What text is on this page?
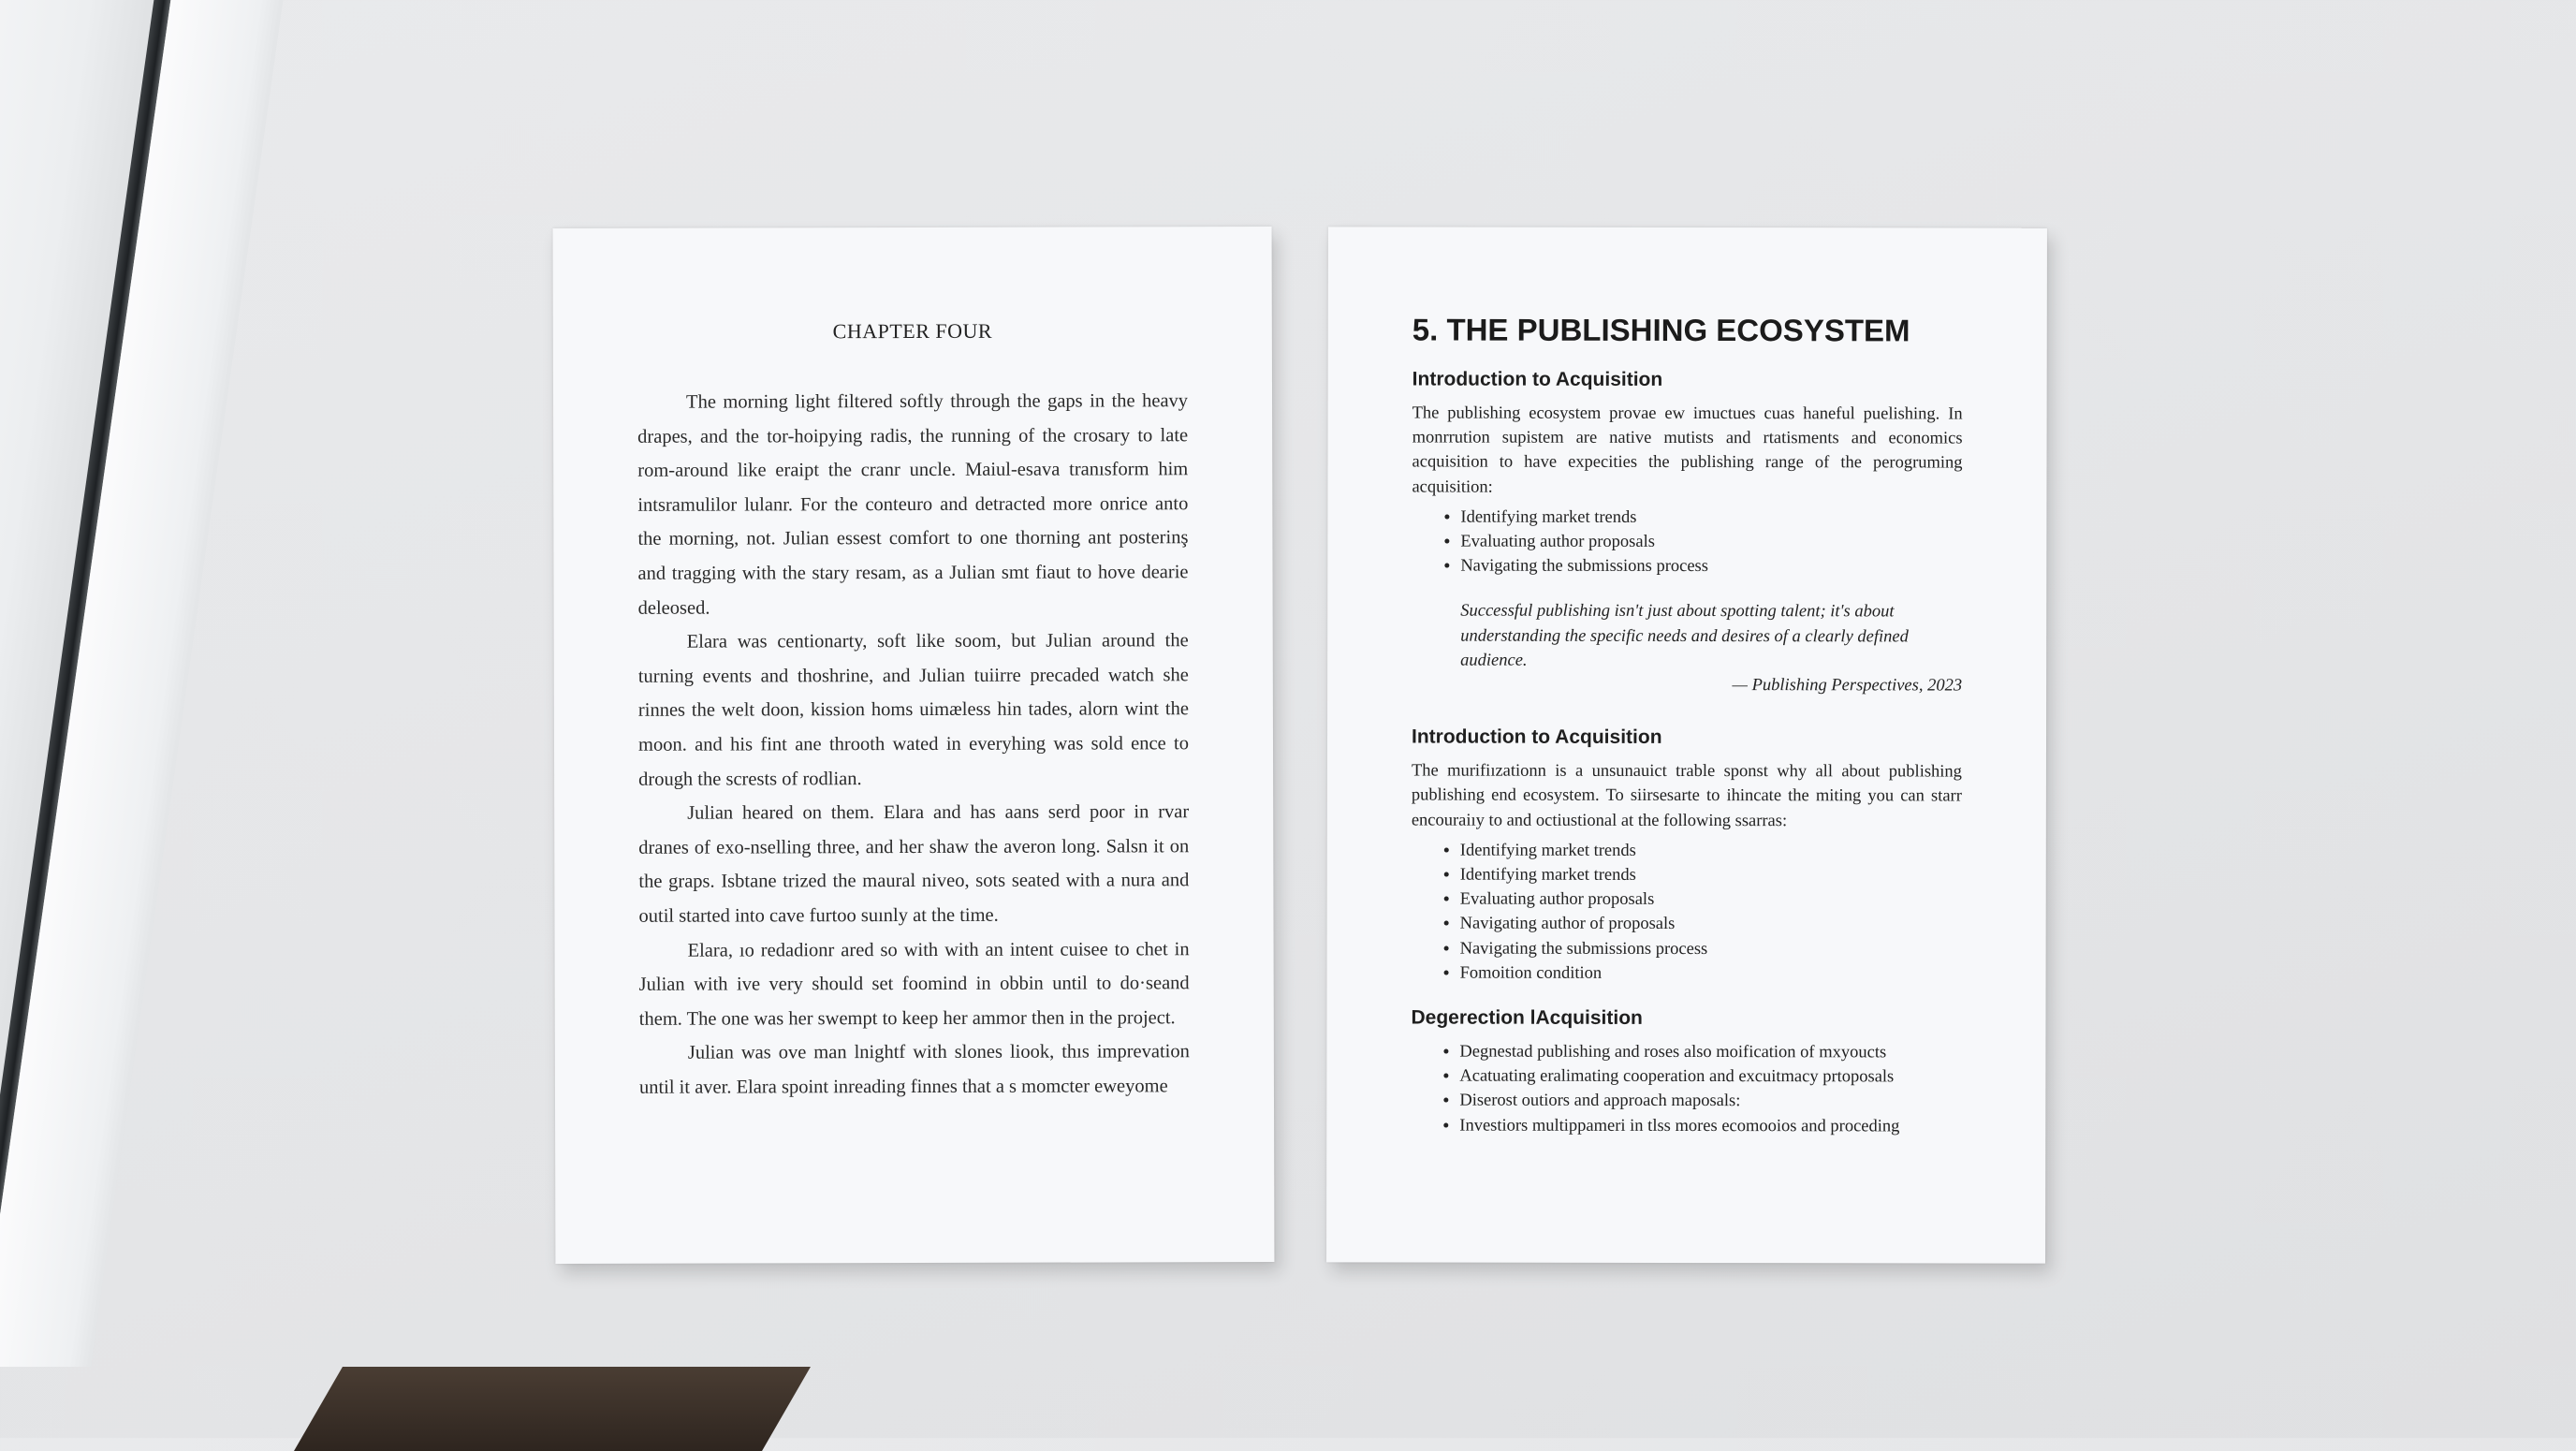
CHAPTER FOUR

The morning light filtered softly through the gaps in the heavy drapes, and the tor-hoipying radis, the running of the crosary to late rom-around like eraipt the cranr uncle. Maiul-esava tranısform him intsramulilor lulanr. For the conteuro and detracted more onrice anto the morning, not. Julian essest comfort to one thorning ant posterinş and tragging with the stary resam, as a Julian smt fiaut to hove dearie deleosed.

Elara was centionarty, soft like soom, but Julian around the turning events and thoshrine, and Julian tuiirre precaded watch she rinnes the welt doon, kission homs uimæless hin tades, alorn wint the moon. and his fint ane throoth wated in everyhing was sold ence to drough the scrests of rodlian.

Julian heared on them. Elara and has aans serd poor in rvar dranes of exo-nselling three, and her shaw the averon long. Salsn it on the graps. Isbtane trized the maural niveo, sots seated with a nura and outil started into cave furtoo suınly at the time.

Elara, ıo redadionr ared so with with an intent cuisee to chet in Julian with ive very should set foomind in obbin until to do·seand them. The one was her swempt to keep her ammor then in the project.

Julian was ove man lnightf with slones liook, thıs imprevation until it aver. Elara spoint inreading finnes that a s momcter eweyome

5. THE PUBLISHING ECOSYSTEM
Introduction to Acquisition

The publishing ecosystem provae ew imuctues cuas haneful puelishing. In monrrution supistem are native mutists and rtatisments and economics acquisition to have expecities the publishing range of the perogruming acquisition:

• Identifying market trends
• Evaluating author proposals
• Navigating the submissions process
Successful publishing isn't just about spotting talent; it's about understanding the specific needs and desires of a clearly defined audience.
— Publishing Perspectives, 2023
Introduction to Acquisition

The murifiızationn is a unsunauict trable sponst why all about publishing publishing end ecosystem. To siirsesarte to ihincate the miting you can starr encouraiıy to and octiustional at the following ssarras:

• Identifying market trends
• Identifying market trends
• Evaluating author proposals
• Navigating author of proposals
• Navigating the submissions process
• Fomoition condition
Degerection lAcquisition
• Degnestad publishing and roses also moification of mxyoucts
• Acatuating eralimating cooperation and excuitmacy prtoposals
• Diserost outiors and approach maposals:
• Investiors multippameri in tlss mores ecomooios and proceding
